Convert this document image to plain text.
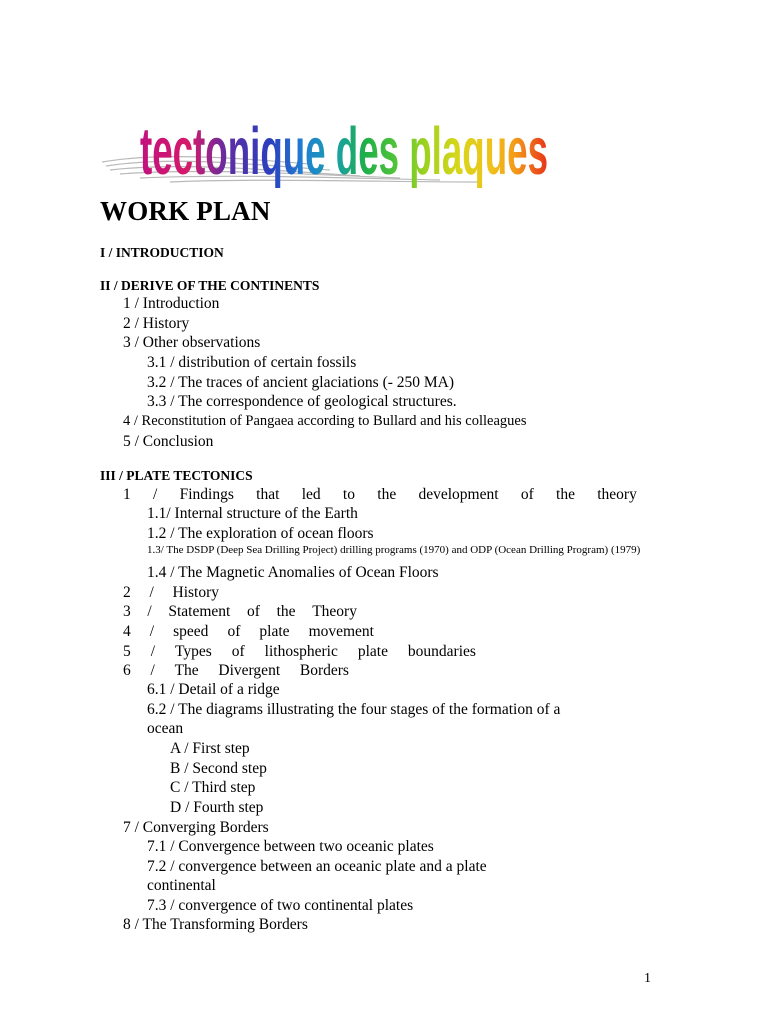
tectonique des plaques
WORK PLAN
I / INTRODUCTION
II / DERIVE OF THE CONTINENTS
1 / Introduction
2 / History
3 / Other observations
3.1 / distribution of certain fossils
3.2 / The traces of ancient glaciations (- 250 MA)
3.3 / The correspondence of geological structures.
4 / Reconstitution of Pangaea according to Bullard and his colleagues
5 / Conclusion
III / PLATE TECTONICS
1 / Findings that led to the development of the theory
1.1/ Internal structure of the Earth
1.2 / The exploration of ocean floors
1.3/ The DSDP (Deep Sea Drilling Project) drilling programs (1970) and ODP (Ocean Drilling Program) (1979)
1.4 / The Magnetic Anomalies of Ocean Floors
2 / History
3 / Statement of the Theory
4 / speed of plate movement
5 / Types of lithospheric plate boundaries
6 / The Divergent Borders
6.1 / Detail of a ridge
6.2 / The diagrams illustrating the four stages of the formation of a
ocean
A / First step
B / Second step
C / Third step
D / Fourth step
7 / Converging Borders
7.1 / Convergence between two oceanic plates
7.2 / convergence between an oceanic plate and a plate
continental
7.3 / convergence of two continental plates
8 / The Transforming Borders
1
